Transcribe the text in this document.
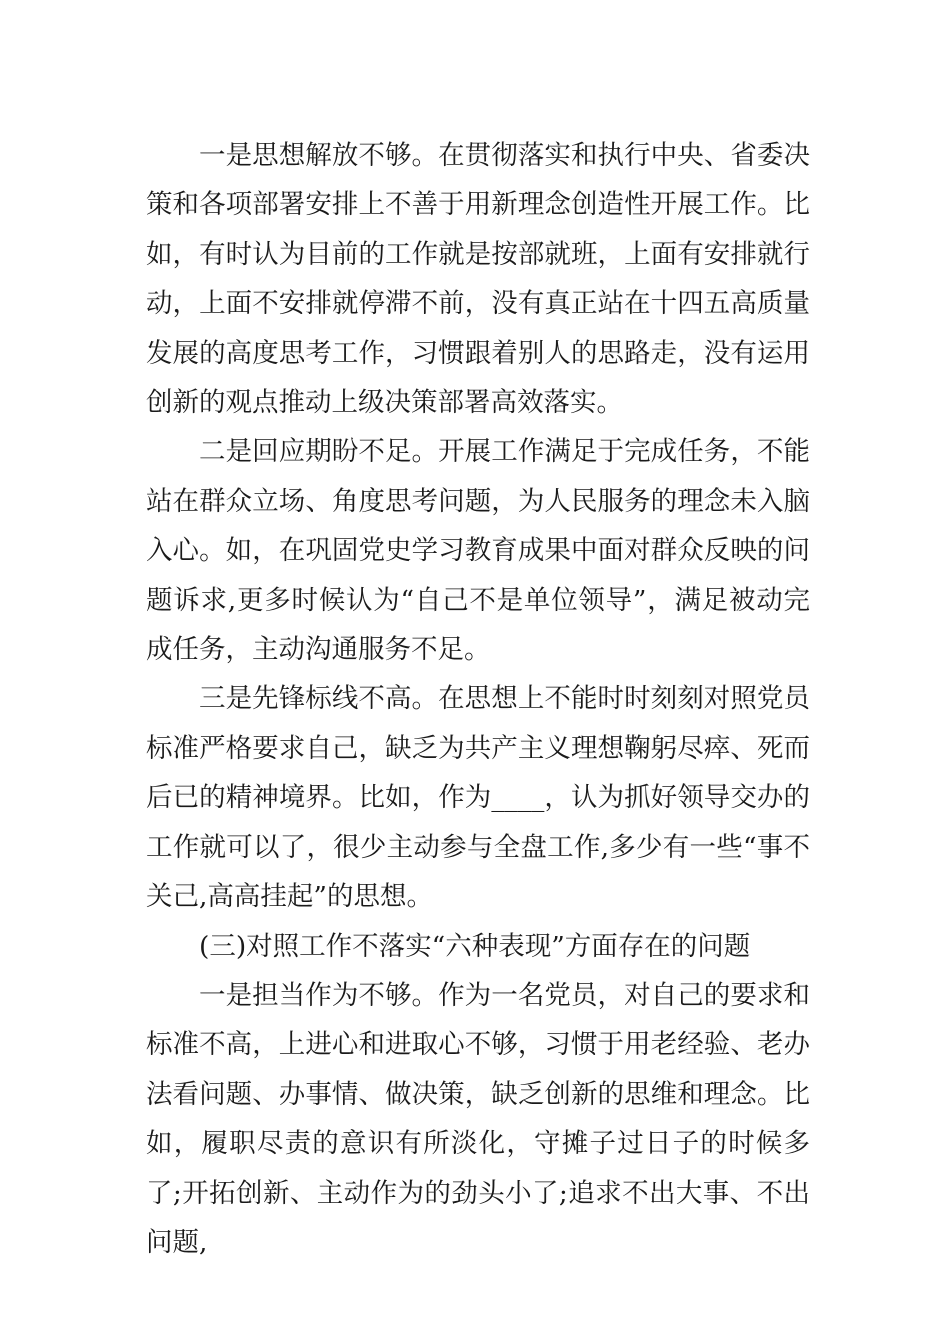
一是思想解放不够。在贯彻落实和执行中央、省委决策和各项部署安排上不善于用新理念创造性开展工作。比如，有时认为目前的工作就是按部就班，上面有安排就行动，上面不安排就停滞不前，没有真正站在十四五高质量发展的高度思考工作，习惯跟着别人的思路走，没有运用创新的观点推动上级决策部署高效落实。

二是回应期盼不足。开展工作满足于完成任务，不能站在群众立场、角度思考问题，为人民服务的理念未入脑入心。如，在巩固党史学习教育成果中面对群众反映的问题诉求,更多时候认为“自己不是单位领导”，满足被动完成任务，主动沟通服务不足。

三是先锋标线不高。在思想上不能时时刻刻对照党员标准严格要求自己，缺乏为共产主义理想鞠躬尽瘁、死而后已的精神境界。比如，作为____，认为抓好领导交办的工作就可以了，很少主动参与全盘工作,多少有一些“事不关己,高高挂起”的思想。

(三)对照工作不落实“六种表现”方面存在的问题

一是担当作为不够。作为一名党员，对自己的要求和标准不高，上进心和进取心不够，习惯于用老经验、老办法看问题、办事情、做决策，缺乏创新的思维和理念。比如，履职尽责的意识有所淡化，守摊子过日子的时候多了;开拓创新、主动作为的劲头小了;追求不出大事、不出问题,
